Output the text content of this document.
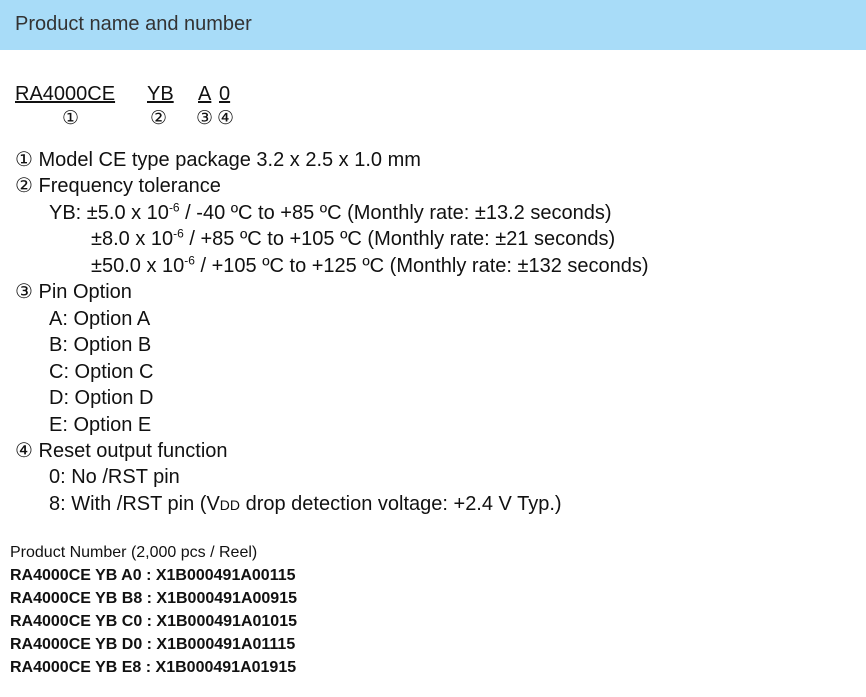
Product name and number
RA4000CE YB A 0
①	② ③ ④
① Model CE type package 3.2 x 2.5 x 1.0 mm
② Frequency tolerance
YB: ±5.0 x $10^{-6} / -40$ ºC to +85 ºC (Monthly rate: ±13.2 seconds)
±8.0 x $10^{-6} / +85$ ºC to +105 ºC (Monthly rate: ±21 seconds)
±50.0 x $10^{-6} / +105$ ºC to +125 ºC (Monthly rate: ±132 seconds)
③ Pin Option
A: Option A
B: Option B
C: Option C
D: Option D
E: Option E
④ Reset output function
0: No /RST pin
8: With /RST pin (VDD drop detection voltage: +2.4 V Typ.)
Product Number (2,000 pcs / Reel)
RA4000CE YB A0 : X1B000491A00115
RA4000CE YB B8 : X1B000491A00915
RA4000CE YB C0 : X1B000491A01015
RA4000CE YB D0 : X1B000491A01115
RA4000CE YB E8 : X1B000491A01915
